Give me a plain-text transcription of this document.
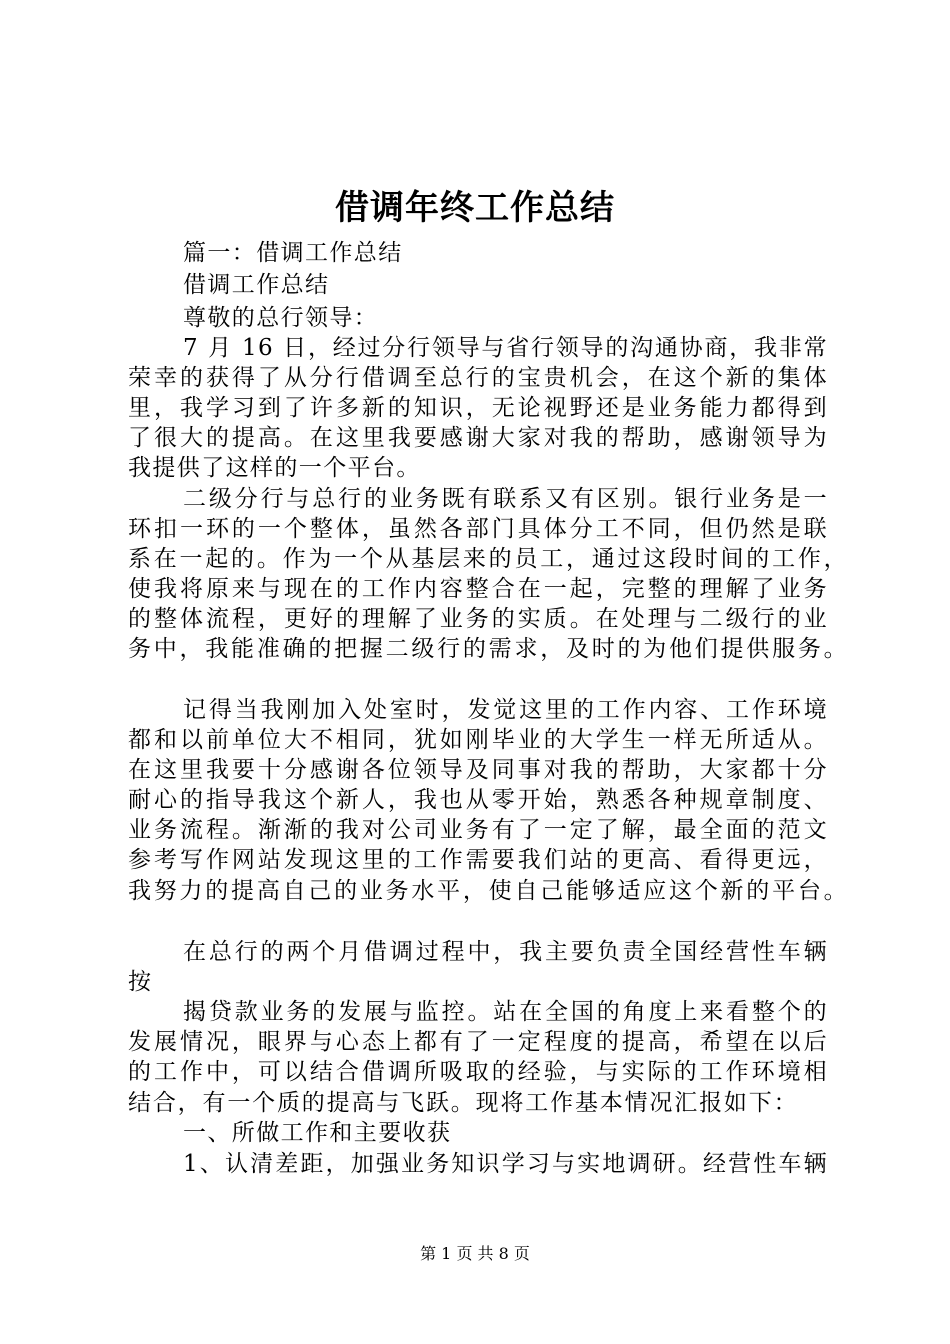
借调年终工作总结

篇一：借调工作总结

借调工作总结

尊敬的总行领导：

7 月 16 日，经过分行领导与省行领导的沟通协商，我非常

荣幸的获得了从分行借调至总行的宝贵机会，在这个新的集体

里，我学习到了许多新的知识，无论视野还是业务能力都得到

了很大的提高。在这里我要感谢大家对我的帮助，感谢领导为

我提供了这样的一个平台。

二级分行与总行的业务既有联系又有区别。银行业务是一

环扣一环的一个整体，虽然各部门具体分工不同，但仍然是联

系在一起的。作为一个从基层来的员工，通过这段时间的工作，

使我将原来与现在的工作内容整合在一起，完整的理解了业务

的整体流程，更好的理解了业务的实质。在处理与二级行的业

务中，我能准确的把握二级行的需求，及时的为他们提供服务。

记得当我刚加入处室时，发觉这里的工作内容、工作环境

都和以前单位大不相同，犹如刚毕业的大学生一样无所适从。

在这里我要十分感谢各位领导及同事对我的帮助，大家都十分

耐心的指导我这个新人，我也从零开始，熟悉各种规章制度、

业务流程。渐渐的我对公司业务有了一定了解，最全面的范文

参考写作网站发现这里的工作需要我们站的更高、看得更远，

我努力的提高自己的业务水平，使自己能够适应这个新的平台。

在总行的两个月借调过程中，我主要负责全国经营性车辆

按

揭贷款业务的发展与监控。站在全国的角度上来看整个的

发展情况，眼界与心态上都有了一定程度的提高，希望在以后

的工作中，可以结合借调所吸取的经验，与实际的工作环境相

结合，有一个质的提高与飞跃。现将工作基本情况汇报如下：

一、所做工作和主要收获

1、认清差距，加强业务知识学习与实地调研。经营性车辆

第 1 页 共 8 页
